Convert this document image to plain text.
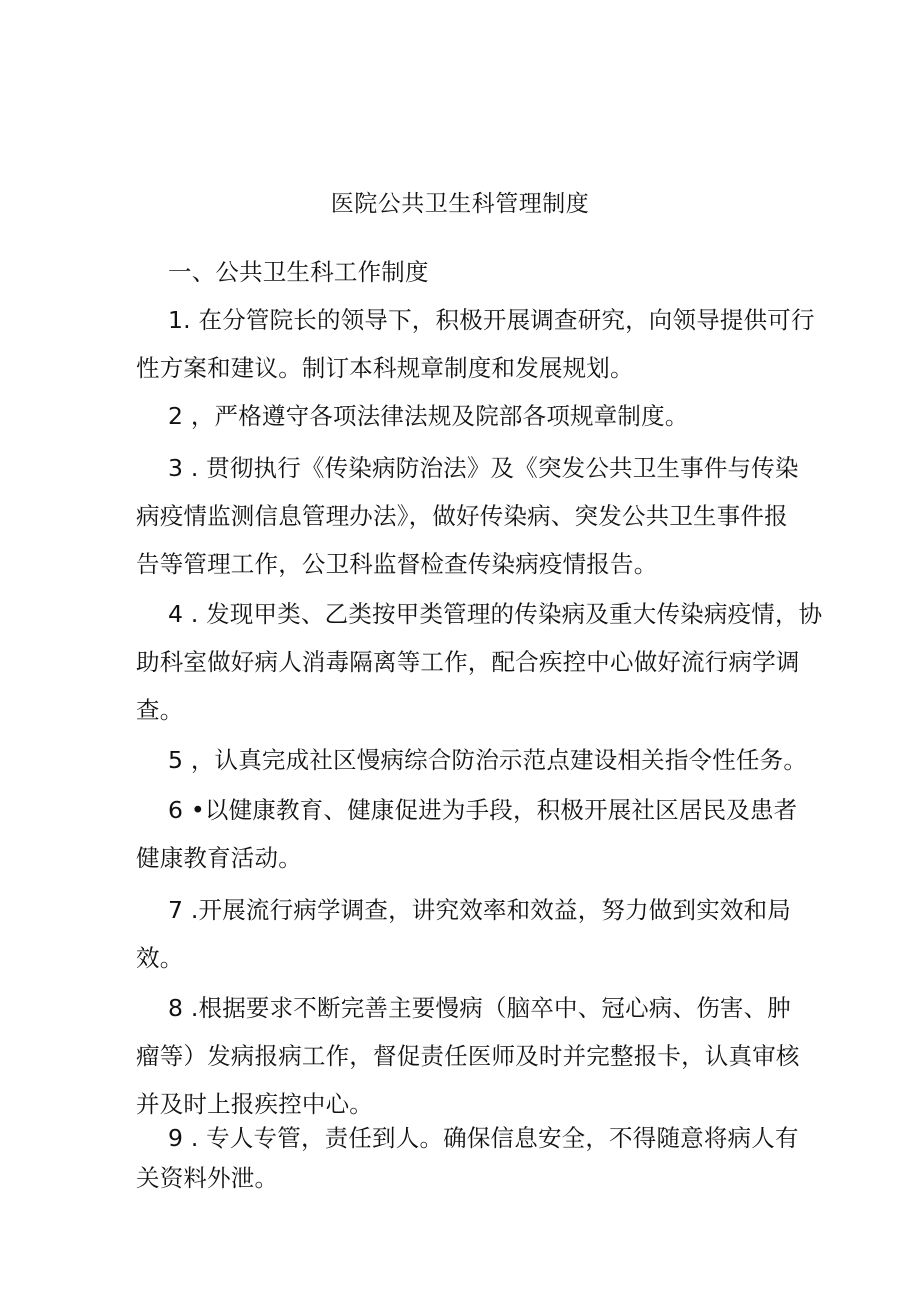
医院公共卫生科管理制度
一、公共卫生科工作制度
1. 在分管院长的领导下，积极开展调查研究，向领导提供可行
性方案和建议。制订本科规章制度和发展规划。
2 ，严格遵守各项法律法规及院部各项规章制度。
3 . 贯彻执行《传染病防治法》及《突发公共卫生事件与传染
病疫情监测信息管理办法》，做好传染病、突发公共卫生事件报
告等管理工作，公卫科监督检查传染病疫情报告。
4 . 发现甲类、乙类按甲类管理的传染病及重大传染病疫情，协
助科室做好病人消毒隔离等工作，配合疾控中心做好流行病学调
查。
5 ，认真完成社区慢病综合防治示范点建设相关指令性任务。
6 •以健康教育、健康促进为手段，积极开展社区居民及患者
健康教育活动。
7 .开展流行病学调查，讲究效率和效益，努力做到实效和局
效。
8 .根据要求不断完善主要慢病（脑卒中、冠心病、伤害、肿
瘤等）发病报病工作，督促责任医师及时并完整报卡，认真审核
并及时上报疾控中心。
9 . 专人专管，责任到人。确保信息安全，不得随意将病人有
关资料外泄。
